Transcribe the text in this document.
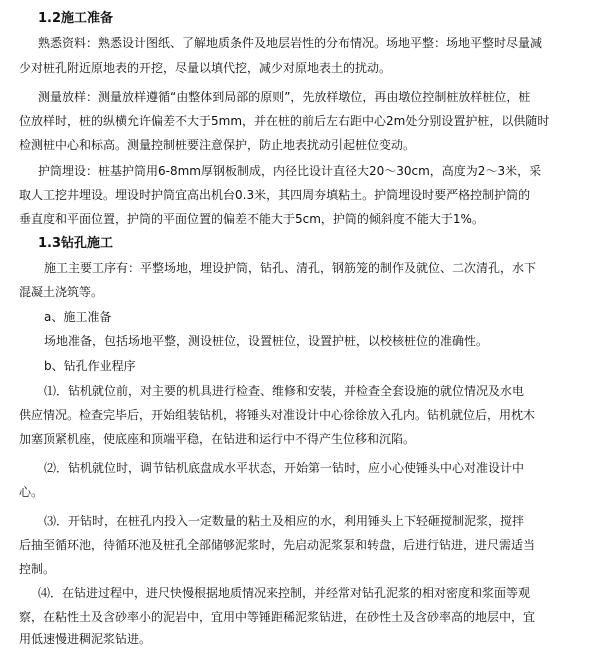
1.2施工准备
熟悉资料：熟悉设计图纸、了解地质条件及地层岩性的分布情况。场地平整：场地平整时尽量减
少对桩孔附近原地表的开挖，尽量以填代挖，减少对原地表土的扰动。
测量放样：测量放样遵循“由整体到局部的原则”，先放样墩位，再由墩位控制桩放样桩位，桩
位放样时，桩的纵横允许偏差不大于5mm，并在桩的前后左右距中心2m处分别设置护桩，以供随时
检测桩中心和标高。测量控制桩要注意保护，防止地表扰动引起桩位变动。
护筒埋设：桩基护筒用6-8mm厚钢板制成，内径比设计直径大20～30cm，高度为2～3米，采
取人工挖井埋设。埋设时护筒宜高出机台0.3米，其四周夯填粘土。护筒埋设时要严格控制护筒的
垂直度和平面位置，护筒的平面位置的偏差不能大于5cm，护筒的倾斜度不能大于1%。
1.3钻孔施工
施工主要工序有：平整场地，埋设护筒，钻孔、清孔，钢筋笼的制作及就位、二次清孔，水下
混凝土浇筑等。
a、施工准备
场地准备，包括场地平整，测设桩位，设置桩位，设置护桩，以校核桩位的准确性。
b、钻孔作业程序
⑴．钻机就位前，对主要的机具进行检查、维修和安装，并检查全套设施的就位情况及水电
供应情况。检查完毕后，开始组装钻机，将锤头对准设计中心徐徐放入孔内。钻机就位后，用枕木
加塞顶紧机座，使底座和顶端平稳，在钻进和运行中不得产生位移和沉陷。
⑵．钻机就位时，调节钻机底盘成水平状态，开始第一钻时，应小心使锤头中心对准设计中
心。
⑶．开钻时，在桩孔内投入一定数量的粘土及相应的水，利用锤头上下轻砸搅制泥浆，搅拌
后抽至循环池，待循环池及桩孔全部储够泥浆时，先启动泥浆泵和转盘，后进行钻进，进尺需适当
控制。
⑷．在钻进过程中，进尺快慢根据地质情况来控制，并经常对钻孔泥浆的相对密度和浆面等观
察，在粘性土及含砂率小的泥岩中，宜用中等锤距稀泥浆钻进，在砂性土及含砂率高的地层中，宜
用低速慢进稠泥浆钻进。
